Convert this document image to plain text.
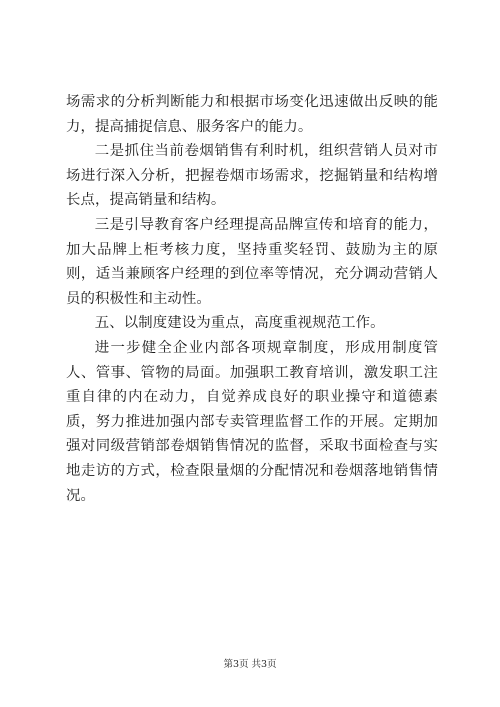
场需求的分析判断能力和根据市场变化迅速做出反映的能力，提高捕捉信息、服务客户的能力。

二是抓住当前卷烟销售有利时机，组织营销人员对市场进行深入分析，把握卷烟市场需求，挖掘销量和结构增长点，提高销量和结构。

三是引导教育客户经理提高品牌宣传和培育的能力，加大品牌上柜考核力度，坚持重奖轻罚、鼓励为主的原则，适当兼顾客户经理的到位率等情况，充分调动营销人员的积极性和主动性。

五、以制度建设为重点，高度重视规范工作。

进一步健全企业内部各项规章制度，形成用制度管人、管事、管物的局面。加强职工教育培训，激发职工注重自律的内在动力，自觉养成良好的职业操守和道德素质，努力推进加强内部专卖管理监督工作的开展。定期加强对同级营销部卷烟销售情况的监督，采取书面检查与实地走访的方式，检查限量烟的分配情况和卷烟落地销售情况。

第3页 共3页
